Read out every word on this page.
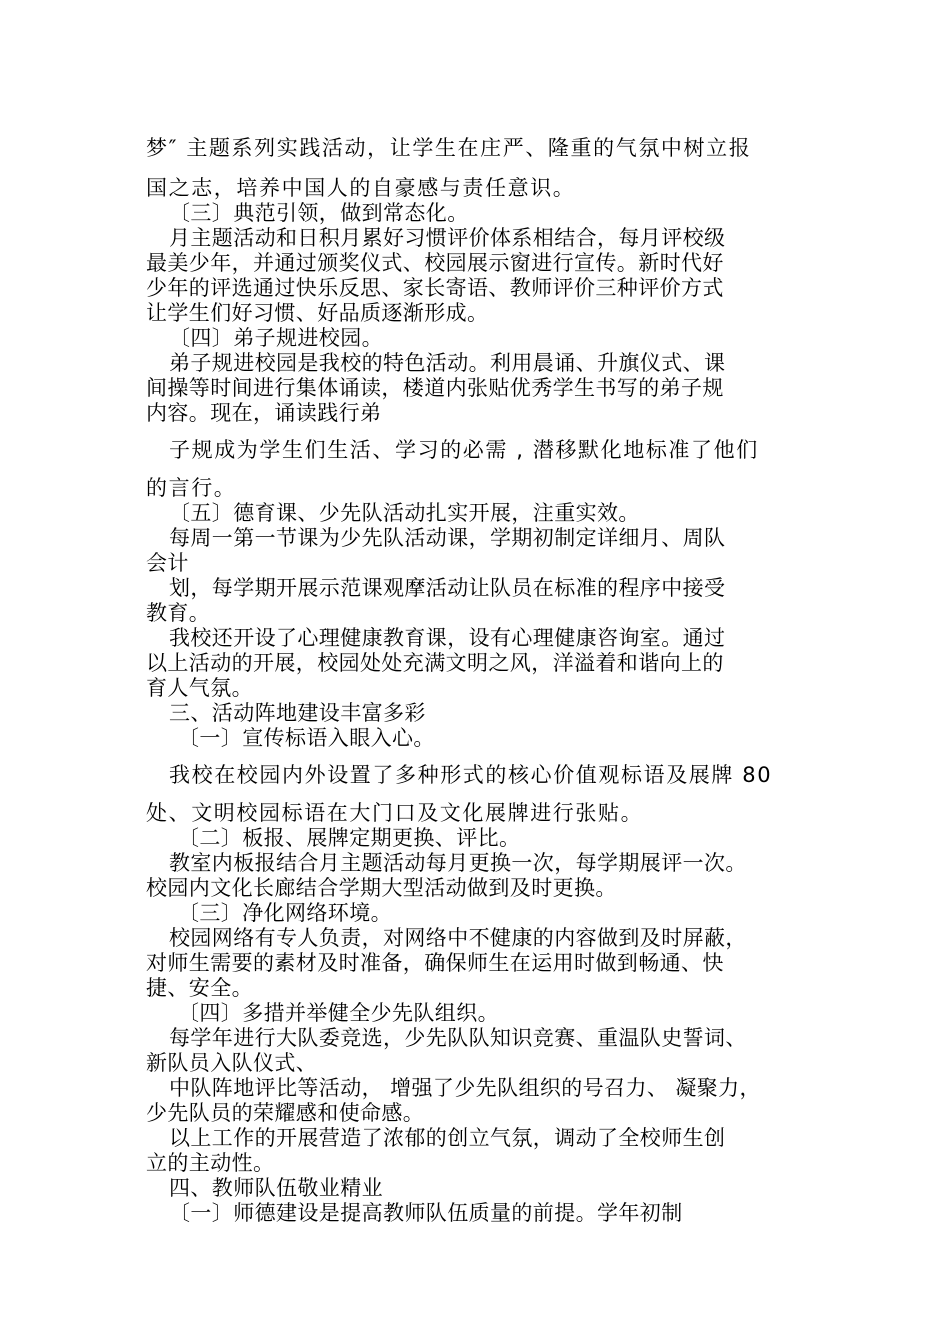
梦″ 主题系列实践活动，让学生在庄严、隆重的气氛中树立报

国之志，培养中国人的自豪感与责任意识。

〔三〕典范引领，做到常态化。

月主题活动和日积月累好习惯评价体系相结合，每月评校级

最美少年，并通过颁奖仪式、校园展示窗进行宣传。新时代好

少年的评选通过快乐反思、家长寄语、教师评价三种评价方式

让学生们好习惯、好品质逐渐形成。

〔四〕弟子规进校园。

弟子规进校园是我校的特色活动。利用晨诵、升旗仪式、课

间操等时间进行集体诵读，楼道内张贴优秀学生书写的弟子规

内容。现在，诵读践行弟

子规成为学生们生活、学习的必需 , 潜移默化地标准了他们

的言行。

〔五〕德育课、少先队活动扎实开展，注重实效。

每周一第一节课为少先队活动课，学期初制定详细月、周队

会计

划，每学期开展示范课观摩活动让队员在标准的程序中接受

教育。

我校还开设了心理健康教育课，设有心理健康咨询室。通过

以上活动的开展，校园处处充满文明之风，洋溢着和谐向上的

育人气氛。

三、活动阵地建设丰富多彩

〔一〕宣传标语入眼入心。

我校在校园内外设置了多种形式的核心价值观标语及展牌 80

处、文明校园标语在大门口及文化展牌进行张贴。

〔二〕板报、展牌定期更换、评比。

教室内板报结合月主题活动每月更换一次，每学期展评一次。

校园内文化长廊结合学期大型活动做到及时更换。

〔三〕净化网络环境。

校园网络有专人负责，对网络中不健康的内容做到及时屏蔽，

对师生需要的素材及时准备，确保师生在运用时做到畅通、快

捷、安全。

〔四〕多措并举健全少先队组织。

每学年进行大队委竞选，少先队队知识竞赛、重温队史誓词、

新队员入队仪式、

中队阵地评比等活动， 增强了少先队组织的号召力、 凝聚力，

少先队员的荣耀感和使命感。

以上工作的开展营造了浓郁的创立气氛，调动了全校师生创

立的主动性。

四、教师队伍敬业精业

〔一〕师德建设是提高教师队伍质量的前提。学年初制
